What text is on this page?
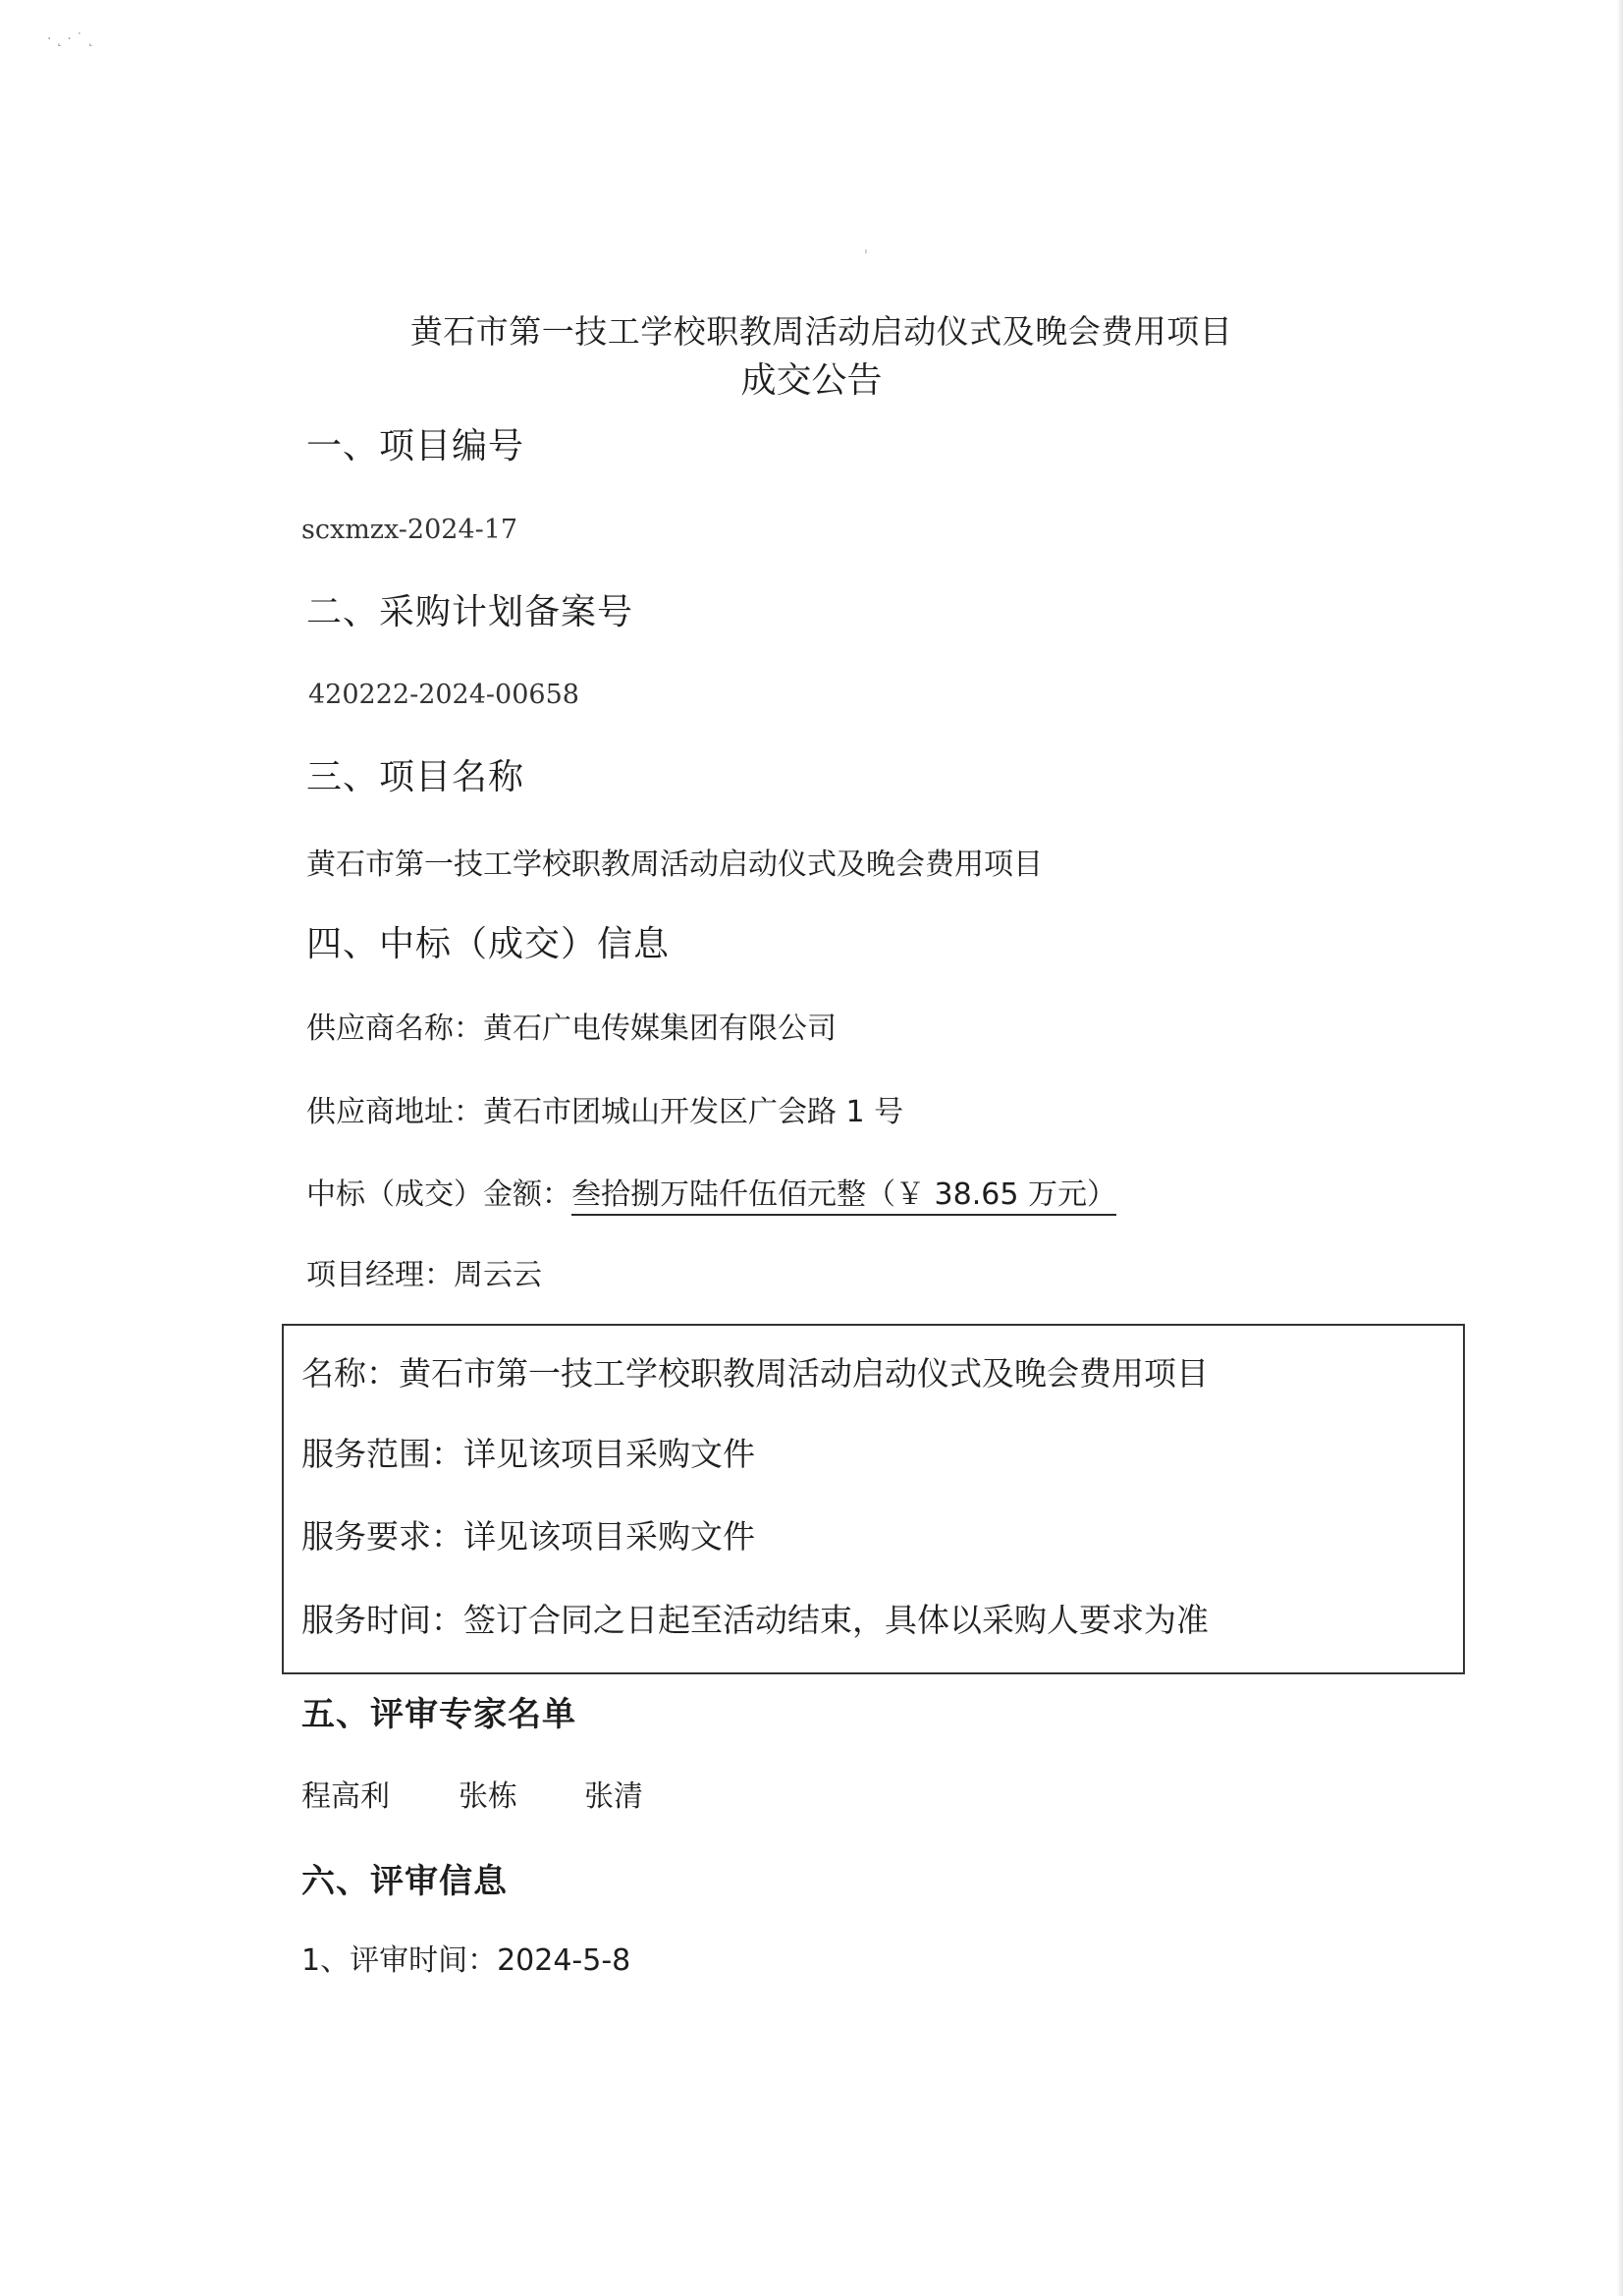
· ˛ · ˙ ˛
ˌ
黄石市第一技工学校职教周活动启动仪式及晚会费用项目
成交公告
一、项目编号
scxmzx-2024-17
二、采购计划备案号
420222-2024-00658
三、项目名称
黄石市第一技工学校职教周活动启动仪式及晚会费用项目
四、中标（成交）信息
供应商名称：黄石广电传媒集团有限公司
供应商地址：黄石市团城山开发区广会路 1 号
中标（成交）金额：叁拾捌万陆仟伍佰元整（￥ 38.65 万元）
项目经理：周云云
名称：黄石市第一技工学校职教周活动启动仪式及晚会费用项目
服务范围：详见该项目采购文件
服务要求：详见该项目采购文件
服务时间：签订合同之日起至活动结束，具体以采购人要求为准
五、评审专家名单
程高利 张栋 张清
六、评审信息
1、评审时间：2024-5-8
